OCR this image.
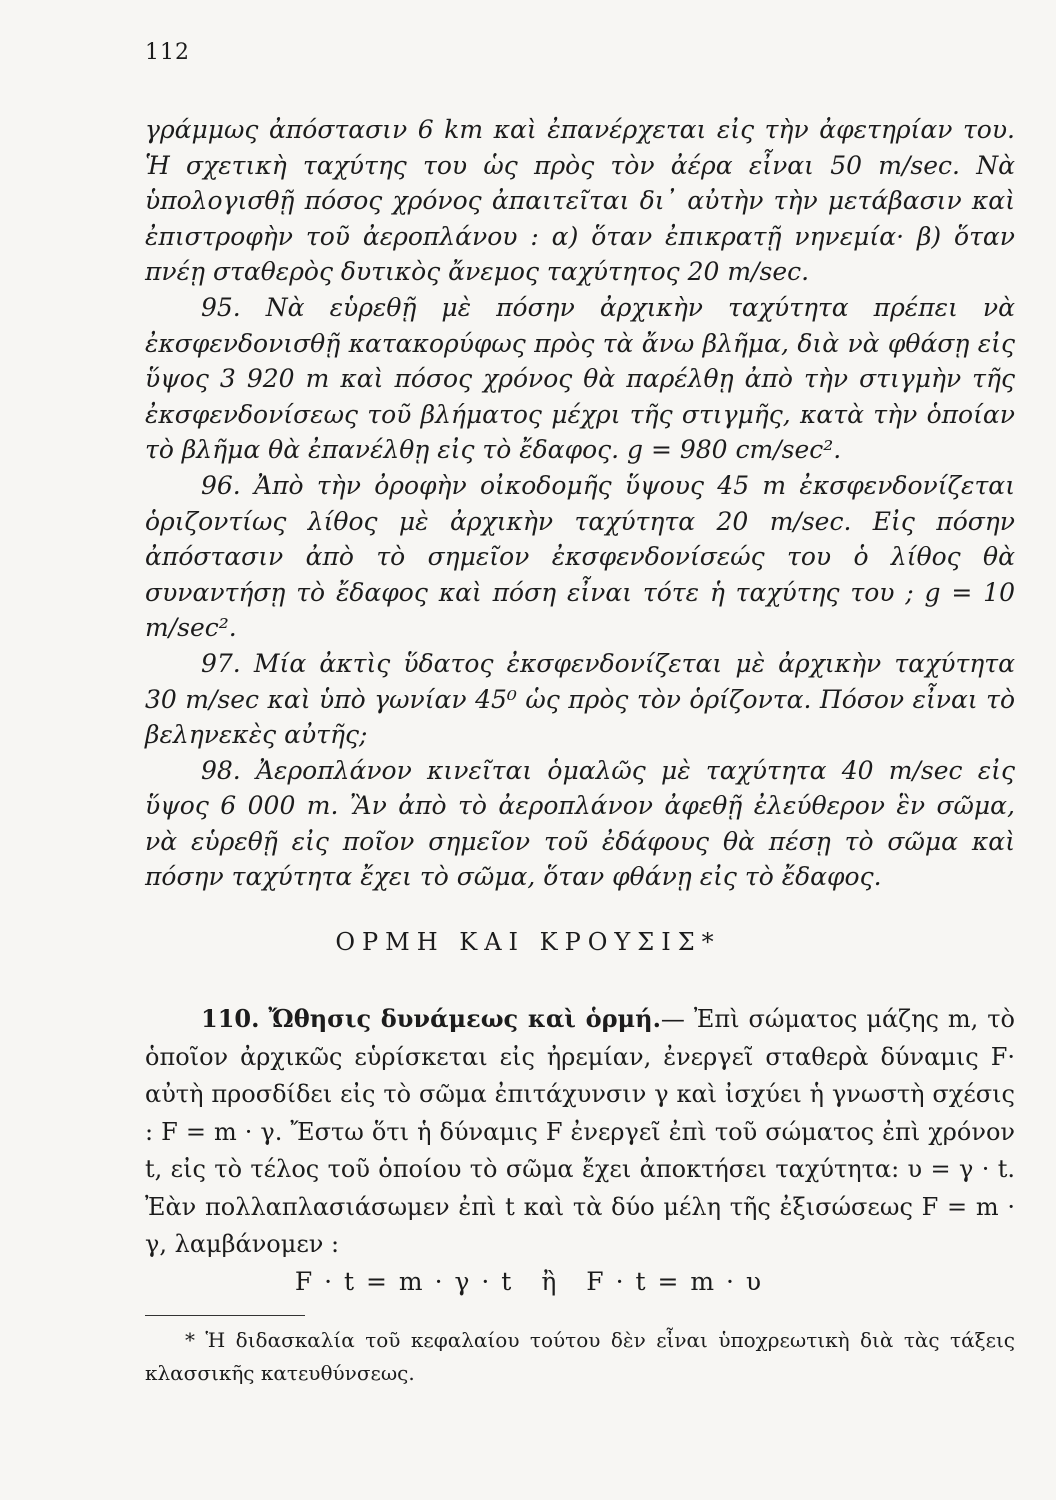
112

γράμμως ἀπόστασιν 6 km καὶ ἐπανέρχεται εἰς τὴν ἀφετηρίαν του. Ἡ σχετικὴ ταχύτης του ὡς πρὸς τὸν ἀέρα εἶναι 50 m/sec. Νὰ ὑπολογισθῇ πόσος χρόνος ἀπαιτεῖται δι᾽ αὐτὴν τὴν μετάβασιν καὶ ἐπιστροφὴν τοῦ ἀεροπλάνου : α) ὅταν ἐπικρατῇ νηνεμία· β) ὅταν πνέῃ σταθερὸς δυτικὸς ἄνεμος ταχύτητος 20 m/sec.

95. Νὰ εὑρεθῇ μὲ πόσην ἀρχικὴν ταχύτητα πρέπει νὰ ἐκσφενδονισθῇ κατακορύφως πρὸς τὰ ἄνω βλῆμα, διὰ νὰ φθάσῃ εἰς ὕψος 3 920 m καὶ πόσος χρόνος θὰ παρέλθῃ ἀπὸ τὴν στιγμὴν τῆς ἐκσφενδονίσεως τοῦ βλήματος μέχρι τῆς στιγμῆς, κατὰ τὴν ὁποίαν τὸ βλῆμα θὰ ἐπανέλθῃ εἰς τὸ ἔδαφος. g = 980 cm/sec².

96. Ἀπὸ τὴν ὀροφὴν οἰκοδομῆς ὕψους 45 m ἐκσφενδονίζεται ὁριζοντίως λίθος μὲ ἀρχικὴν ταχύτητα 20 m/sec. Εἰς πόσην ἀπόστασιν ἀπὸ τὸ σημεῖον ἐκσφενδονίσεώς του ὁ λίθος θὰ συναντήσῃ τὸ ἔδαφος καὶ πόση εἶναι τότε ἡ ταχύτης του ; g = 10 m/sec².

97. Μία ἀκτὶς ὕδατος ἐκσφενδονίζεται μὲ ἀρχικὴν ταχύτητα 30 m/sec καὶ ὑπὸ γωνίαν 45⁰ ὡς πρὸς τὸν ὁρίζοντα. Πόσον εἶναι τὸ βεληνεκὲς αὐτῆς;

98. Ἀεροπλάνον κινεῖται ὁμαλῶς μὲ ταχύτητα 40 m/sec εἰς ὕψος 6 000 m. Ἂν ἀπὸ τὸ ἀεροπλάνον ἀφεθῇ ἐλεύθερον ἓν σῶμα, νὰ εὑρεθῇ εἰς ποῖον σημεῖον τοῦ ἐδάφους θὰ πέσῃ τὸ σῶμα καὶ πόσην ταχύτητα ἔχει τὸ σῶμα, ὅταν φθάνῃ εἰς τὸ ἔδαφος.

ΟΡΜΗ ΚΑΙ ΚΡΟΥΣΙΣ*

110. Ὤθησις δυνάμεως καὶ ὁρμή.— Ἐπὶ σώματος μάζης m, τὸ ὁποῖον ἀρχικῶς εὑρίσκεται εἰς ἠρεμίαν, ἐνεργεῖ σταθερὰ δύναμις F· αὐτὴ προσδίδει εἰς τὸ σῶμα ἐπιτάχυνσιν γ καὶ ἰσχύει ἡ γνωστὴ σχέσις : F = m · γ. Ἔστω ὅτι ἡ δύναμις F ἐνεργεῖ ἐπὶ τοῦ σώματος ἐπὶ χρόνον t, εἰς τὸ τέλος τοῦ ὁποίου τὸ σῶμα ἔχει ἀποκτήσει ταχύτητα: υ = γ · t. Ἐὰν πολλαπλασιάσωμεν ἐπὶ t καὶ τὰ δύο μέλη τῆς ἐξισώσεως F = m · γ, λαμβάνομεν :

F · t = m · γ · t ἢ F · t = m · υ
* Ἡ διδασκαλία τοῦ κεφαλαίου τούτου δὲν εἶναι ὑποχρεωτικὴ διὰ τὰς τάξεις κλασσικῆς κατευθύνσεως.
